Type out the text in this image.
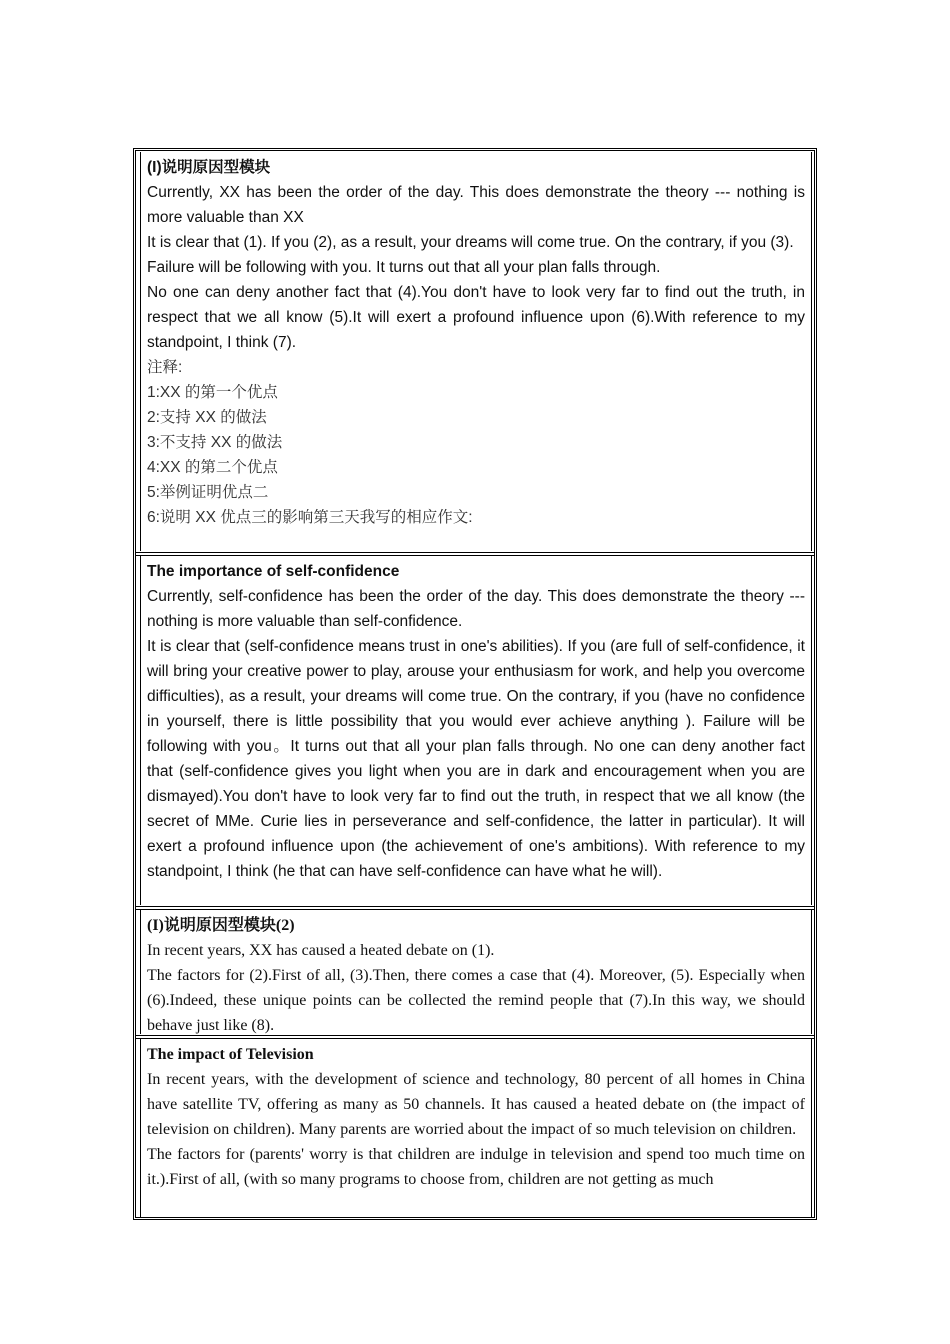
(I)说明原因型模块

Currently, XX has been the order of the day. This does demonstrate the theory --- nothing is more valuable than XX

It is clear that (1). If you (2), as a result, your dreams will come true. On the contrary, if you (3).

Failure will be following with you. It turns out that all your plan falls through.

No one can deny another fact that (4).You don't have to look very far to find out the truth, in respect that we all know (5).It will exert a profound influence upon (6).With reference to my standpoint, I think (7).

注释:

1:XX 的第一个优点

2:支持 XX 的做法

3:不支持 XX 的做法

4:XX 的第二个优点

5:举例证明优点二

6:说明 XX 优点三的影响第三天我写的相应作文:

The importance of self-confidence

Currently, self-confidence has been the order of the day. This does demonstrate the theory --- nothing is more valuable than self-confidence.

It is clear that (self-confidence means trust in one's abilities). If you (are full of self-confidence, it will bring your creative power to play, arouse your enthusiasm for work, and help you overcome difficulties), as a result, your dreams will come true. On the contrary, if you (have no confidence in yourself, there is little possibility that you would ever achieve anything ). Failure will be following with you。It turns out that all your plan falls through. No one can deny another fact that (self-confidence gives you light when you are in dark and encouragement when you are dismayed).You don't have to look very far to find out the truth, in respect that we all know (the secret of MMe. Curie lies in perseverance and self-confidence, the latter in particular). It will exert a profound influence upon (the achievement of one's ambitions). With reference to my standpoint, I think (he that can have self-confidence can have what he will).

(I)说明原因型模块(2)

In recent years, XX has caused a heated debate on (1).

The factors for (2).First of all, (3).Then, there comes a case that (4). Moreover, (5). Especially when (6).Indeed, these unique points can be collected the remind people that (7).In this way, we should behave just like (8).

The impact of Television

In recent years, with the development of science and technology, 80 percent of all homes in China have satellite TV, offering as many as 50 channels. It has caused a heated debate on (the impact of television on children). Many parents are worried about the impact of so much television on children.

The factors for (parents' worry is that children are indulge in television and spend too much time on it.).First of all, (with so many programs to choose from, children are not getting as much
